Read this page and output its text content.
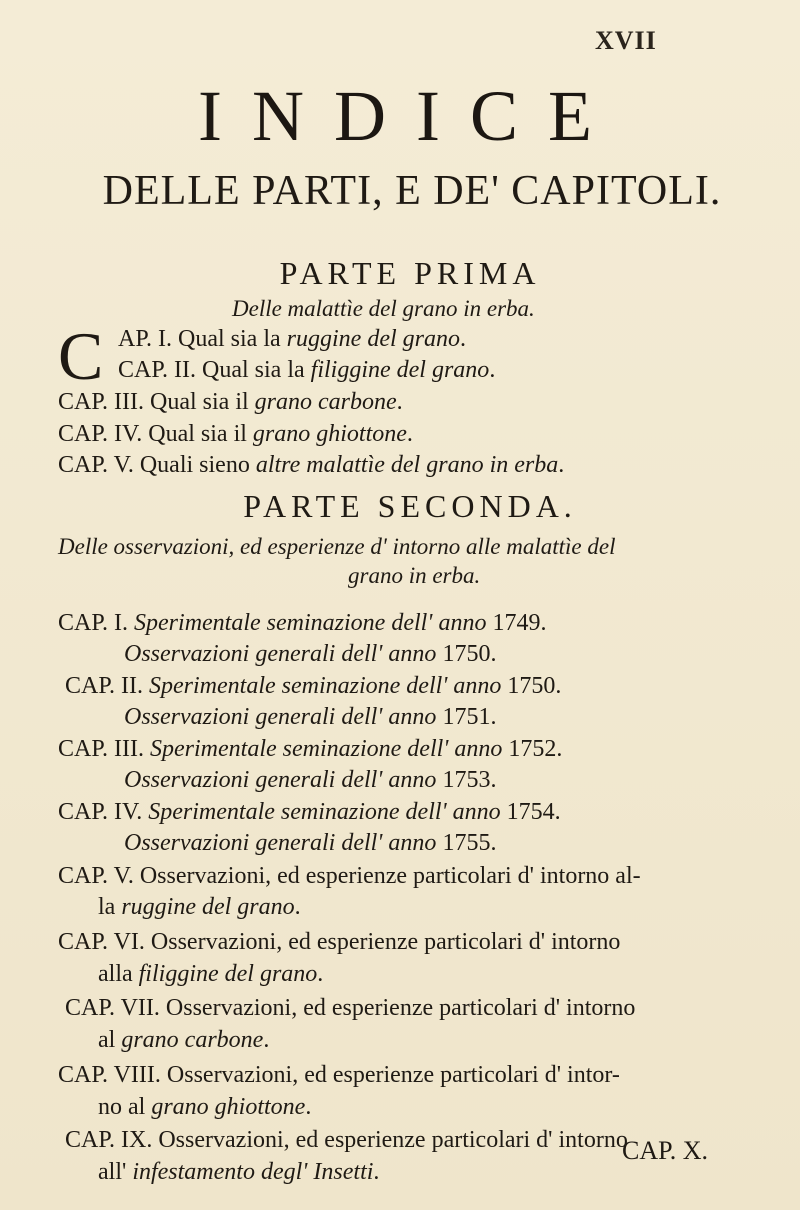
XVII
INDICE
DELLE PARTI, E DE' CAPITOLI.
PARTE PRIMA
Delle malattìe del grano in erba.
C AP. I. Qual sia la ruggine del grano.
CAP. II. Qual sia la filiggine del grano.
CAP. III. Qual sia il grano carbone.
CAP. IV. Qual sia il grano ghiottone.
CAP. V. Quali sieno altre malattìe del grano in erba.
PARTE SECONDA.
Delle osservazioni, ed esperienze d' intorno alle malattìe del
grano in erba.
CAP. I. Sperimentale seminazione dell' anno 1749.
Osservazioni generali dell' anno 1750.
CAP. II. Sperimentale seminazione dell' anno 1750.
Osservazioni generali dell' anno 1751.
CAP. III. Sperimentale seminazione dell' anno 1752.
Osservazioni generali dell' anno 1753.
CAP. IV. Sperimentale seminazione dell' anno 1754.
Osservazioni generali dell' anno 1755.
CAP. V. Osservazioni, ed esperienze particolari d' intorno al-
la ruggine del grano.
CAP. VI. Osservazioni, ed esperienze particolari d' intorno
alla filiggine del grano.
CAP. VII. Osservazioni, ed esperienze particolari d' intorno
al grano carbone.
CAP. VIII. Osservazioni, ed esperienze particolari d' intor-
no al grano ghiottone.
CAP. IX. Osservazioni, ed esperienze particolari d' intorno
all' infestamento degl' Insetti.
CAP. X.
